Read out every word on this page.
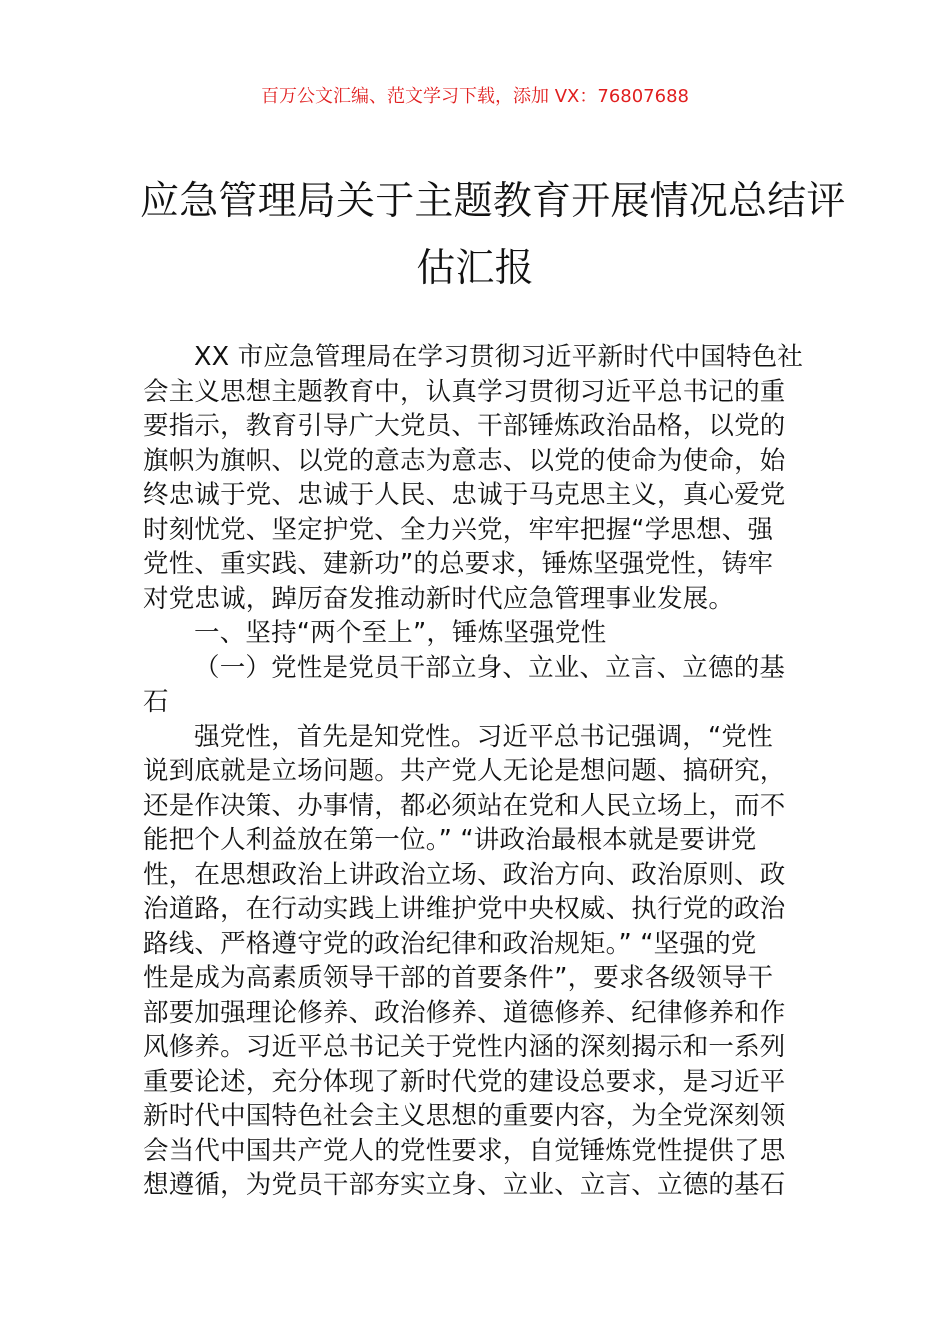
百万公文汇编、范文学习下载，添加 VX：76807688
应急管理局关于主题教育开展情况总结评
估汇报

XX 市应急管理局在学习贯彻习近平新时代中国特色社
会主义思想主题教育中，认真学习贯彻习近平总书记的重
要指示，教育引导广大党员、干部锤炼政治品格，以党的
旗帜为旗帜、以党的意志为意志、以党的使命为使命，始
终忠诚于党、忠诚于人民、忠诚于马克思主义，真心爱党
时刻忧党、坚定护党、全力兴党，牢牢把握“学思想、强
党性、重实践、建新功”的总要求，锤炼坚强党性，铸牢
对党忠诚，踔厉奋发推动新时代应急管理事业发展。

一、坚持“两个至上”，锤炼坚强党性

（一）党性是党员干部立身、立业、立言、立德的基
石

强党性，首先是知党性。习近平总书记强调，“党性
说到底就是立场问题。共产党人无论是想问题、搞研究，
还是作决策、办事情，都必须站在党和人民立场上，而不
能把个人利益放在第一位。” “讲政治最根本就是要讲党
性，在思想政治上讲政治立场、政治方向、政治原则、政
治道路，在行动实践上讲维护党中央权威、执行党的政治
路线、严格遵守党的政治纪律和政治规矩。” “坚强的党
性是成为高素质领导干部的首要条件”，要求各级领导干
部要加强理论修养、政治修养、道德修养、纪律修养和作
风修养。习近平总书记关于党性内涵的深刻揭示和一系列
重要论述，充分体现了新时代党的建设总要求，是习近平
新时代中国特色社会主义思想的重要内容，为全党深刻领
会当代中国共产党人的党性要求，自觉锤炼党性提供了思
想遵循，为党员干部夯实立身、立业、立言、立德的基石
